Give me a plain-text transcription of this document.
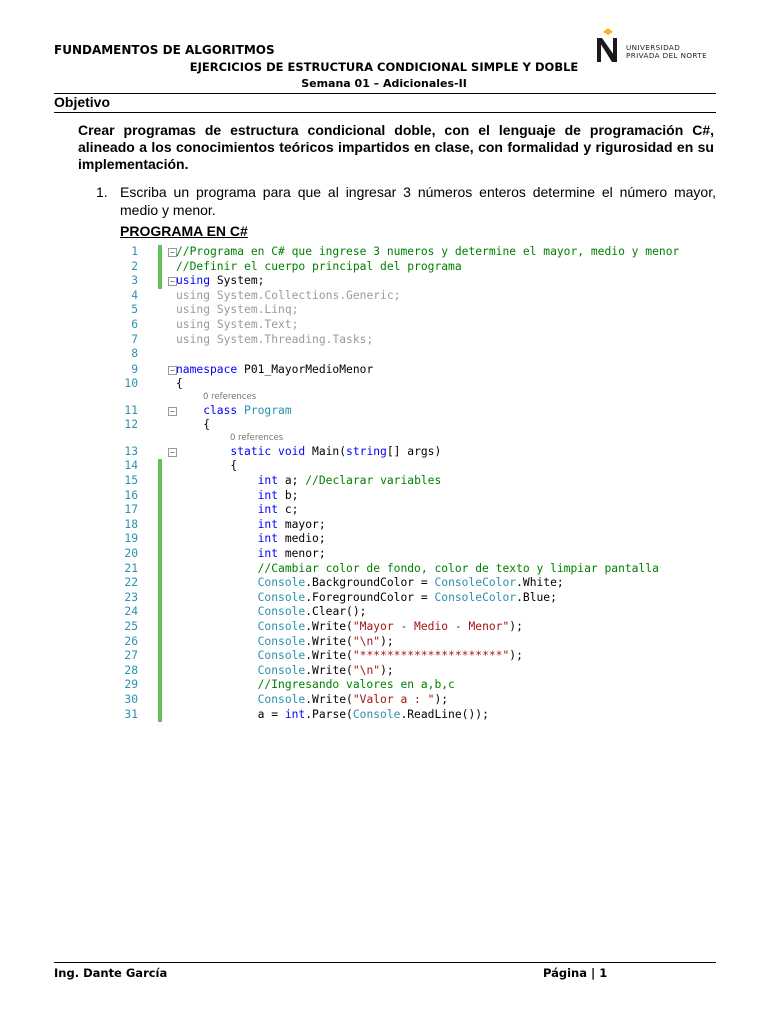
FUNDAMENTOS DE ALGORITMOS
EJERCICIOS DE ESTRUCTURA CONDICIONAL SIMPLE Y DOBLE
Semana 01 – Adicionales-II
UNIVERSIDAD
PRIVADA DEL NORTE
Objetivo
Crear programas de estructura condicional doble, con el lenguaje de programación C#, alineado a los conocimientos teóricos impartidos en clase, con formalidad y rigurosidad en su implementación.
1. Escriba un programa para que al ingresar 3 números enteros determine el número mayor, medio y menor.
PROGRAMA EN C#
1	− //Programa en C# que ingrese 3 numeros y determine el mayor, medio y menor
2	//Definir el cuerpo principal del programa
3	− using System;
4	using System.Collections.Generic;
5	using System.Linq;
6	using System.Text;
7	using System.Threading.Tasks;
8
9	− namespace P01_MayorMedioMenor
10	{
0 references
11	− class Program
12	{
0 references
13	− static void Main(string[] args)
14	{
15	int a; //Declarar variables
16	int b;
17	int c;
18	int mayor;
19	int medio;
20	int menor;
21	//Cambiar color de fondo, color de texto y limpiar pantalla
22	Console.BackgroundColor = ConsoleColor.White;
23	Console.ForegroundColor = ConsoleColor.Blue;
24	Console.Clear();
25	Console.Write("Mayor - Medio - Menor");
26	Console.Write("\n");
27	Console.Write("*********************");
28	Console.Write("\n");
29	//Ingresando valores en a,b,c
30	Console.Write("Valor a : ");
31	a = int.Parse(Console.ReadLine());
Ing. Dante García	Página | 1
